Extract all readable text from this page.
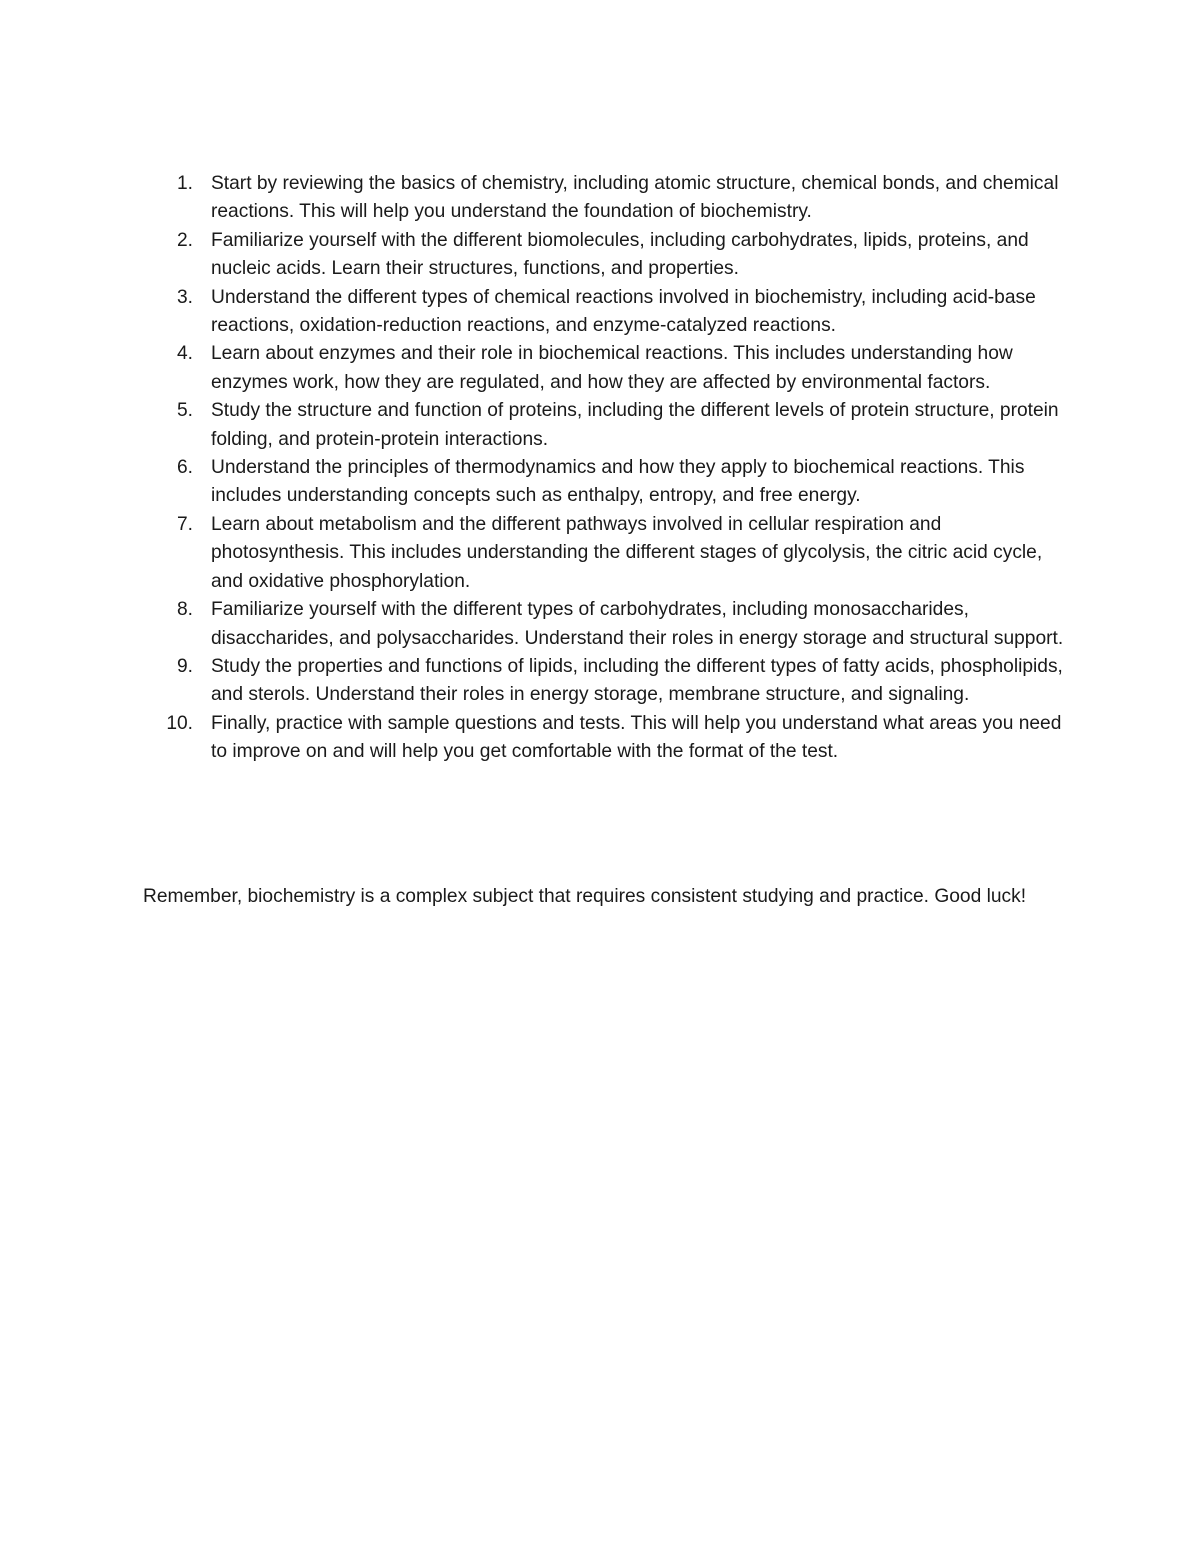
1. Start by reviewing the basics of chemistry, including atomic structure, chemical bonds, and chemical reactions. This will help you understand the foundation of biochemistry.
2. Familiarize yourself with the different biomolecules, including carbohydrates, lipids, proteins, and nucleic acids. Learn their structures, functions, and properties.
3. Understand the different types of chemical reactions involved in biochemistry, including acid-base reactions, oxidation-reduction reactions, and enzyme-catalyzed reactions.
4. Learn about enzymes and their role in biochemical reactions. This includes understanding how enzymes work, how they are regulated, and how they are affected by environmental factors.
5. Study the structure and function of proteins, including the different levels of protein structure, protein folding, and protein-protein interactions.
6. Understand the principles of thermodynamics and how they apply to biochemical reactions. This includes understanding concepts such as enthalpy, entropy, and free energy.
7. Learn about metabolism and the different pathways involved in cellular respiration and photosynthesis. This includes understanding the different stages of glycolysis, the citric acid cycle, and oxidative phosphorylation.
8. Familiarize yourself with the different types of carbohydrates, including monosaccharides, disaccharides, and polysaccharides. Understand their roles in energy storage and structural support.
9. Study the properties and functions of lipids, including the different types of fatty acids, phospholipids, and sterols. Understand their roles in energy storage, membrane structure, and signaling.
10. Finally, practice with sample questions and tests. This will help you understand what areas you need to improve on and will help you get comfortable with the format of the test.

Remember, biochemistry is a complex subject that requires consistent studying and practice. Good luck!
